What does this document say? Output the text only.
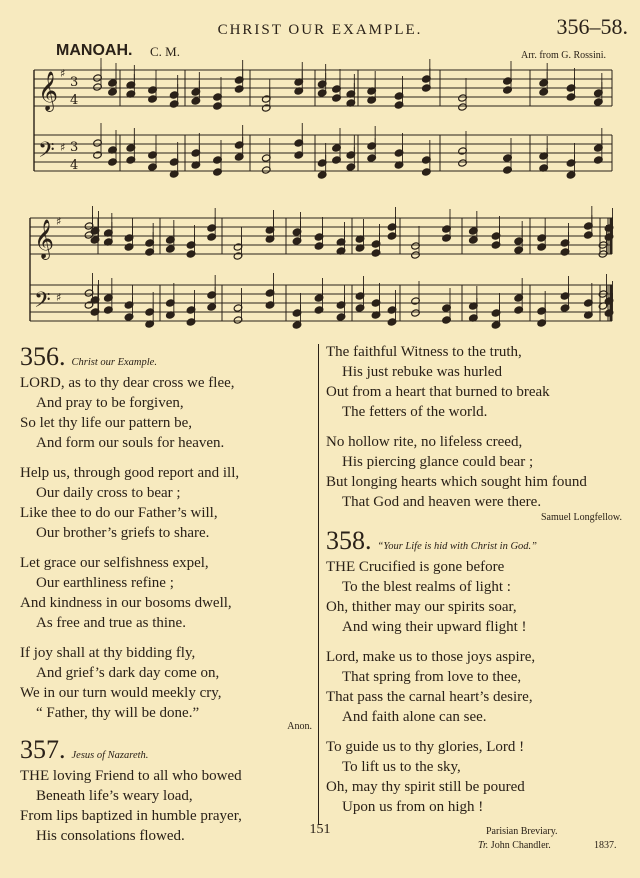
CHRIST OUR EXAMPLE.	356–58.
MANOAH. C. M.	Arr. from G. Rossini.
𝄞
𝄢
♯
♯
3
4
3
4
𝄞
𝄢
♯
♯
356. Christ our Example.
LORD, as to thy dear cross we flee,
And pray to be forgiven,
So let thy life our pattern be,
And form our souls for heaven.
Help us, through good report and ill,
Our daily cross to bear ;
Like thee to do our Father’s will,
Our brother’s griefs to share.
Let grace our selfishness expel,
Our earthliness refine ;
And kindness in our bosoms dwell,
As free and true as thine.
If joy shall at thy bidding fly,
And grief’s dark day come on,
We in our turn would meekly cry,
“ Father, thy will be done.”
Anon.
357. Jesus of Nazareth.
THE loving Friend to all who bowed
Beneath life’s weary load,
From lips baptized in humble prayer,
His consolations flowed.
The faithful Witness to the truth,
His just rebuke was hurled
Out from a heart that burned to break
The fetters of the world.
No hollow rite, no lifeless creed,
His piercing glance could bear ;
But longing hearts which sought him found
That God and heaven were there.
Samuel Longfellow.
358. “Your Life is hid with Christ in God.”
THE Crucified is gone before
To the blest realms of light :
Oh, thither may our spirits soar,
And wing their upward flight !
Lord, make us to those joys aspire,
That spring from love to thee,
That pass the carnal heart’s desire,
And faith alone can see.
To guide us to thy glories, Lord !
To lift us to the sky,
Oh, may thy spirit still be poured
Upon us from on high !
151	Parisian Breviary.
Tr. John Chandler.	1837.
